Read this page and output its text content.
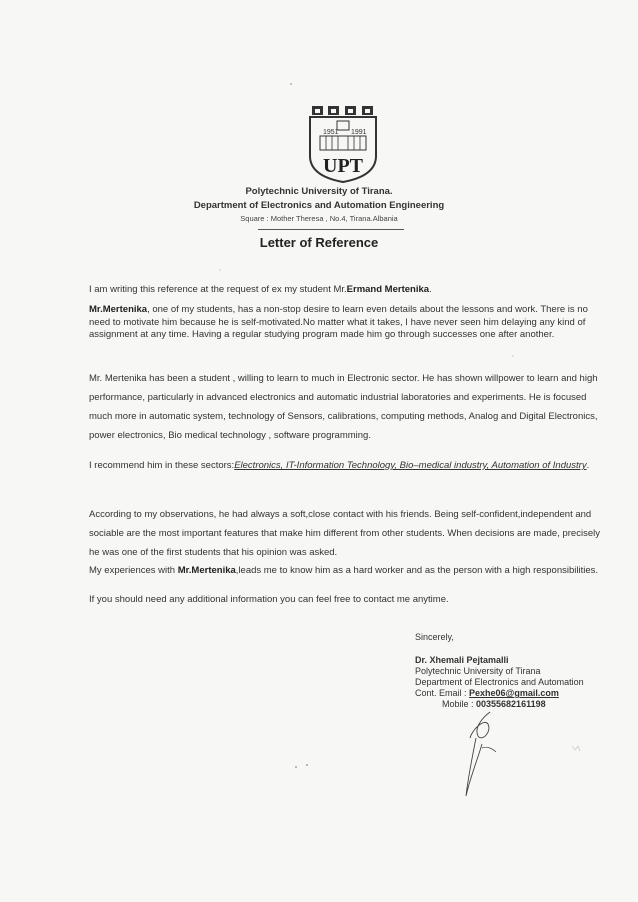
1951 1991
UPT
Polytechnic University of Tirana.
Department of Electronics and Automation Engineering
Square : Mother Theresa , No.4, Tirana.Albania
Letter of Reference
I am writing this reference at the request of ex my student Mr.Ermand Mertenika.
Mr.Mertenika, one of my students, has a non-stop desire to learn even details about the lessons and work. There is no need to motivate him because he is self-motivated.No matter what it takes, I have never seen him delaying any kind of assignment at any time. Having a regular studying program made him go through successes one after another.
Mr. Mertenika has been a student , willing to learn to much in Electronic sector. He has shown willpower to learn and high performance, particularly in advanced electronics and automatic industrial laboratories and experiments. He is focused much more in automatic system, technology of Sensors, calibrations, computing methods, Analog and Digital Electronics, power electronics, Bio medical technology , software programming.
I recommend him in these sectors:Electronics, IT-Information Technology, Bio–medical industry, Automation of Industry.
According to my observations, he had always a soft,close contact with his friends. Being self-confident,independent and sociable are the most important features that make him different from other students. When decisions are made, precisely he was one of the first students that his opinion was asked.
My experiences with Mr.Mertenika,leads me to know him as a hard worker and as the person with a high responsibilities.
If you should need any additional information you can feel free to contact me anytime.
Sincerely,
Dr. Xhemali Pejtamalli
Polytechnic University of Tirana
Department of Electronics and Automation
Cont. Email : Pexhe06@gmail.com
Mobile : 00355682161198
